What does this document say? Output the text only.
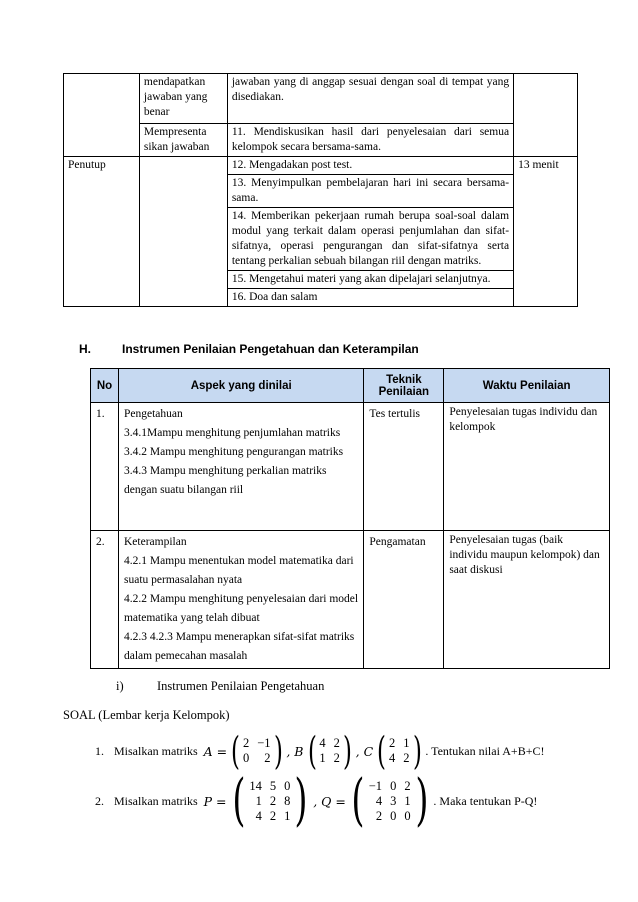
	mendapatkan jawaban yang benar	jawaban yang di anggap sesuai dengan soal di tempat yang disediakan.	
	Mempresenta sikan jawaban	11. Mendiskusikan hasil dari penyelesaian dari semua kelompok secara bersama-sama.	
Penutup		12. Mengadakan post test.	13 menit
		13. Menyimpulkan pembelajaran hari ini secara bersama-sama.	
		14. Memberikan pekerjaan rumah berupa soal-soal dalam modul yang terkait dalam operasi penjumlahan dan sifat-sifatnya, operasi pengurangan dan sifat-sifatnya serta tentang perkalian sebuah bilangan riil dengan matriks.	
		15. Mengetahui materi yang akan dipelajari selanjutnya.	
		16. Doa dan salam	
H.	Instrumen Penilaian Pengetahuan dan Keterampilan
No	Aspek yang dinilai	Teknik Penilaian	Waktu Penilaian
1.	Pengetahuan
3.4.1Mampu menghitung penjumlahan matriks
3.4.2 Mampu menghitung pengurangan matriks
3.4.3 Mampu menghitung perkalian matriks dengan suatu bilangan riil	Tes tertulis	Penyelesaian tugas individu dan kelompok
2.	Keterampilan
4.2.1 Mampu menentukan model matematika dari suatu permasalahan nyata
4.2.2 Mampu menghitung penyelesaian dari model matematika yang telah dibuat
4.2.3 4.2.3 Mampu menerapkan sifat-sifat matriks dalam pemecahan masalah	Pengamatan	Penyelesaian tugas (baik individu maupun kelompok) dan saat diskusi
i)	Instrumen Penilaian Pengetahuan
SOAL (Lembar kerja Kelompok)
1. Misalkan matriks A = ( 2 −1
0	2 ) , B ( 4 2
1 2 ) , C ( 2 1
4 2 ) . Tentukan nilai A+B+C!
2. Misalkan matriks P = ( 14 5 0
1 2 8
4 2 1 ) , Q = ( −1 0 2
4 3 1
2 0 0 ) . Maka tentukan P-Q!
